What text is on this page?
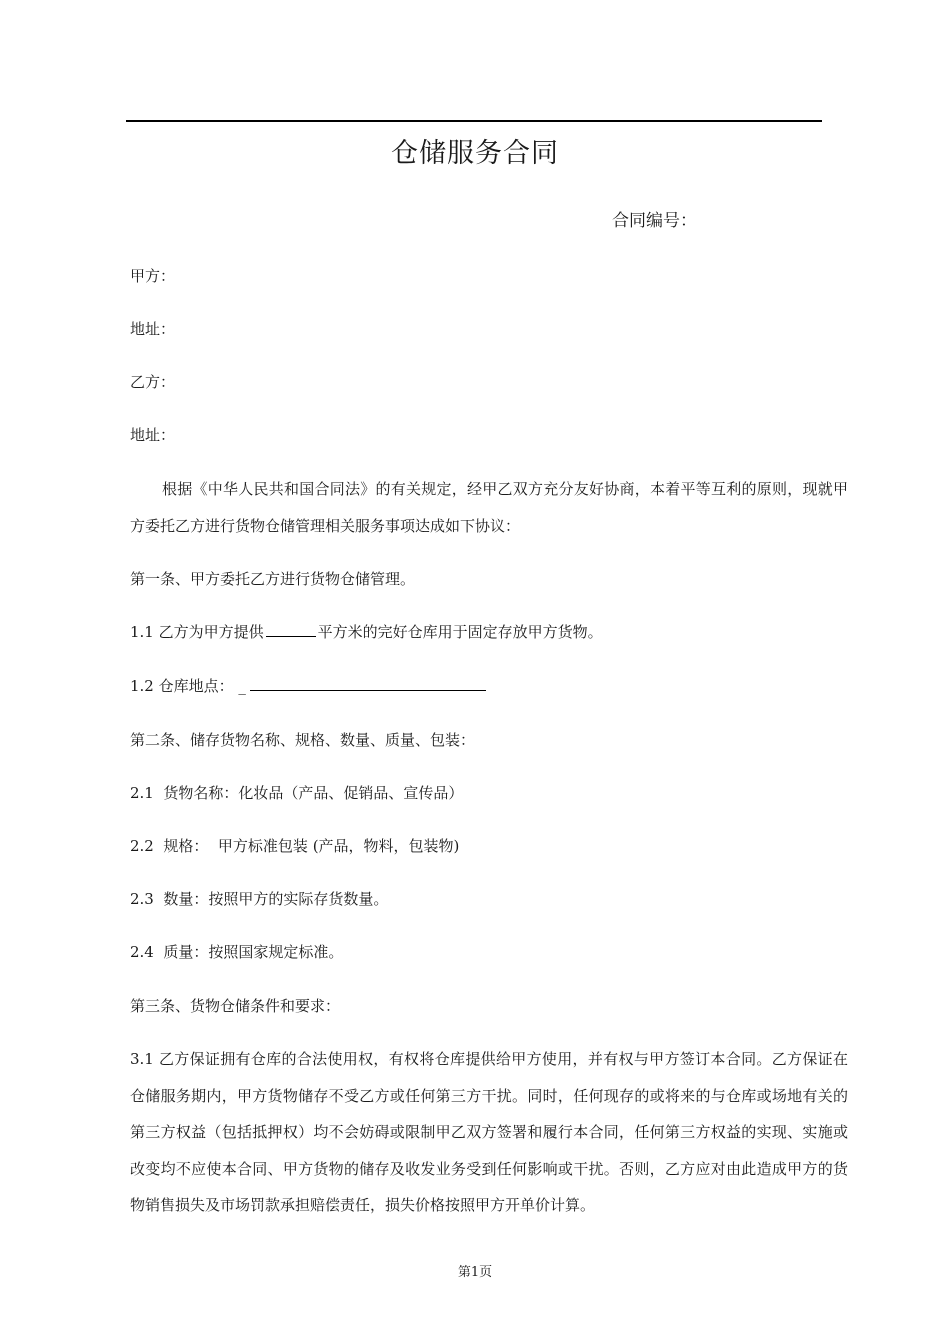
仓储服务合同
合同编号：
甲方：
地址：
乙方：
地址：
根据《中华人民共和国合同法》的有关规定，经甲乙双方充分友好协商，本着平等互利的原则，现就甲方委托乙方进行货物仓储管理相关服务事项达成如下协议：
第一条、甲方委托乙方进行货物仓储管理。
1.1 乙方为甲方提供	平方米的完好仓库用于固定存放甲方货物。
1.2 仓库地点： _
第二条、储存货物名称、规格、数量、质量、包装：
2.1  货物名称：化妆品（产品、促销品、宣传品）
2.2  规格：  甲方标准包装 (产品，物料，包装物)
2.3  数量：按照甲方的实际存货数量。
2.4  质量：按照国家规定标准。
第三条、货物仓储条件和要求：
3.1 乙方保证拥有仓库的合法使用权，有权将仓库提供给甲方使用，并有权与甲方签订本合同。乙方保证在仓储服务期内，甲方货物储存不受乙方或任何第三方干扰。同时，任何现存的或将来的与仓库或场地有关的第三方权益（包括抵押权）均不会妨碍或限制甲乙双方签署和履行本合同，任何第三方权益的实现、实施或改变均不应使本合同、甲方货物的储存及收发业务受到任何影响或干扰。否则，乙方应对由此造成甲方的货物销售损失及市场罚款承担赔偿责任，损失价格按照甲方开单价计算。
第1页
